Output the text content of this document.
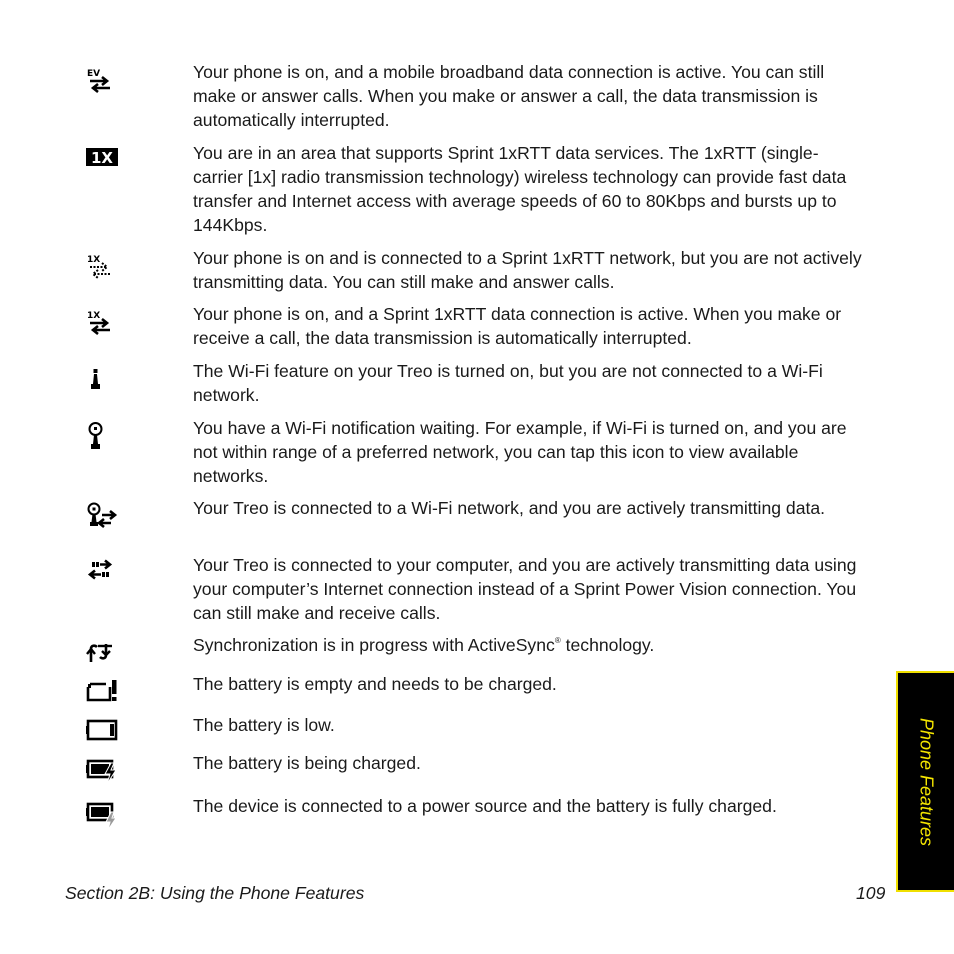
EV	Your phone is on, and a mobile broadband data connection is active. You can still make or answer calls. When you make or answer a call, the data transmission is automatically interrupted.

1X	You are in an area that supports Sprint 1xRTT data services. The 1xRTT (single-carrier [1x] radio transmission technology) wireless technology can provide fast data transfer and Internet access with average speeds of 60 to 80Kbps and bursts up to 144Kbps.

1X	Your phone is on and is connected to a Sprint 1xRTT network, but you are not actively transmitting data. You can still make and answer calls.

1X	Your phone is on, and a Sprint 1xRTT data connection is active. When you make or receive a call, the data transmission is automatically interrupted.

The Wi-Fi feature on your Treo is turned on, but you are not connected to a Wi-Fi network.

You have a Wi-Fi notification waiting. For example, if Wi-Fi is turned on, and you are not within range of a preferred network, you can tap this icon to view available networks.

Your Treo is connected to a Wi-Fi network, and you are actively transmitting data.

Your Treo is connected to your computer, and you are actively transmitting data using your computer’s Internet connection instead of a Sprint Power Vision connection. You can still make and receive calls.

Synchronization is in progress with ActiveSync® technology.

The battery is empty and needs to be charged.

The battery is low.

The battery is being charged.

The device is connected to a power source and the battery is fully charged.

Section 2B: Using the Phone Features	109
Phone Features
